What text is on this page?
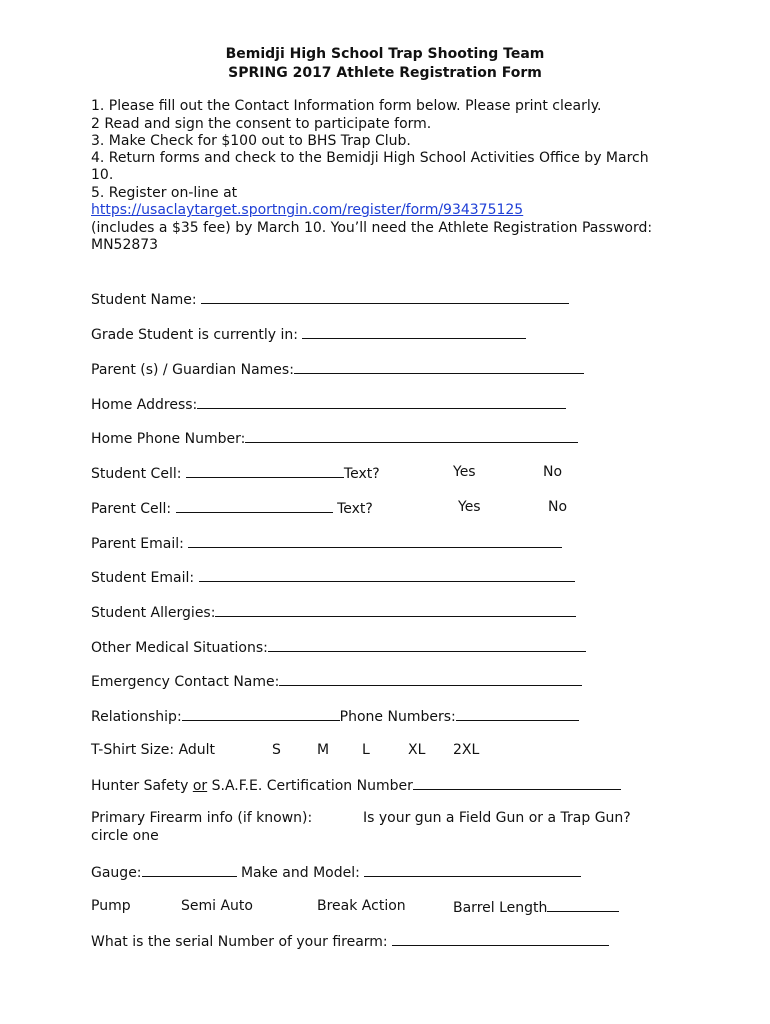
Bemidji High School Trap Shooting Team
SPRING 2017 Athlete Registration Form
1. Please fill out the Contact Information form below. Please print clearly.
2 Read and sign the consent to participate form.
3. Make Check for $100 out to BHS Trap Club.
4. Return forms and check to the Bemidji High School Activities Office by March
10.
5. Register on-line at
https://usaclaytarget.sportngin.com/register/form/934375125
(includes a $35 fee) by March 10. You’ll need the Athlete Registration Password:
MN52873
Student Name:
Grade Student is currently in:
Parent (s) / Guardian Names:
Home Address:
Home Phone Number:
Student Cell:	Text?	Yes	No
Parent Cell:	Text?	Yes	No
Parent Email:
Student Email:
Student Allergies:
Other Medical Situations:
Emergency Contact Name:
Relationship:	Phone Numbers:
T-Shirt Size: Adult	S	M L	XL 2XL
Hunter Safety or S.A.F.E. Certification Number
Primary Firearm info (if known):	Is your gun a Field Gun or a Trap Gun?
circle one
Gauge:	Make and Model:
Pump	Semi Auto	Break Action	Barrel Length
What is the serial Number of your firearm:
